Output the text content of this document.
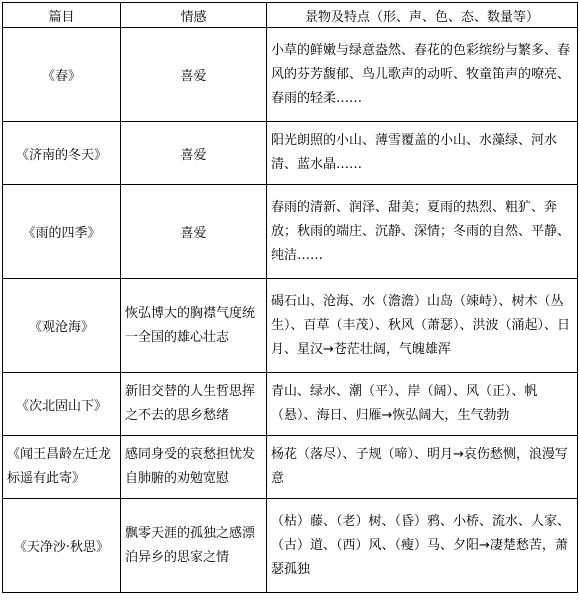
篇目	情感	景物及特点（形、声、色、态、数量等）
《春》	喜爱	小草的鲜嫩与绿意盎然、春花的色彩缤纷与繁多、春风的芬芳馥郁、鸟儿歌声的动听、牧童笛声的嘹亮、春雨的轻柔……
《济南的冬天》	喜爱	阳光朗照的小山、薄雪覆盖的小山、水藻绿、河水清、蓝水晶……
《雨的四季》	喜爱	春雨的清新、润泽、甜美；夏雨的热烈、粗犷、奔放；秋雨的端庄、沉静、深情；冬雨的自然、平静、纯洁……
《观沧海》	恢弘博大的胸襟气度统一全国的雄心壮志	碣石山、沧海、水（澹澹）山岛（竦峙）、树木（丛生）、百草（丰茂）、秋风（萧瑟）、洪波（涌起）、日月、星汉→苍茫壮阔，气魄雄浑
《次北固山下》	新旧交替的人生哲思挥之不去的思乡愁绪	青山、绿水、潮（平）、岸（阔）、风（正）、帆（悬）、海日、归雁→恢弘阔大，生气勃勃
《闻王昌龄左迁龙标遥有此寄》	感同身受的哀愁担忧发自肺腑的劝勉宽慰	杨花（落尽）、子规（啼）、明月→哀伤愁恻，浪漫写意
《天净沙·秋思》	飘零天涯的孤独之感漂泊异乡的思家之情	（枯）藤、（老）树、（昏）鸦、小桥、流水、人家、（古）道、（西）风、（瘦）马、夕阳→凄楚愁苦，萧瑟孤独
